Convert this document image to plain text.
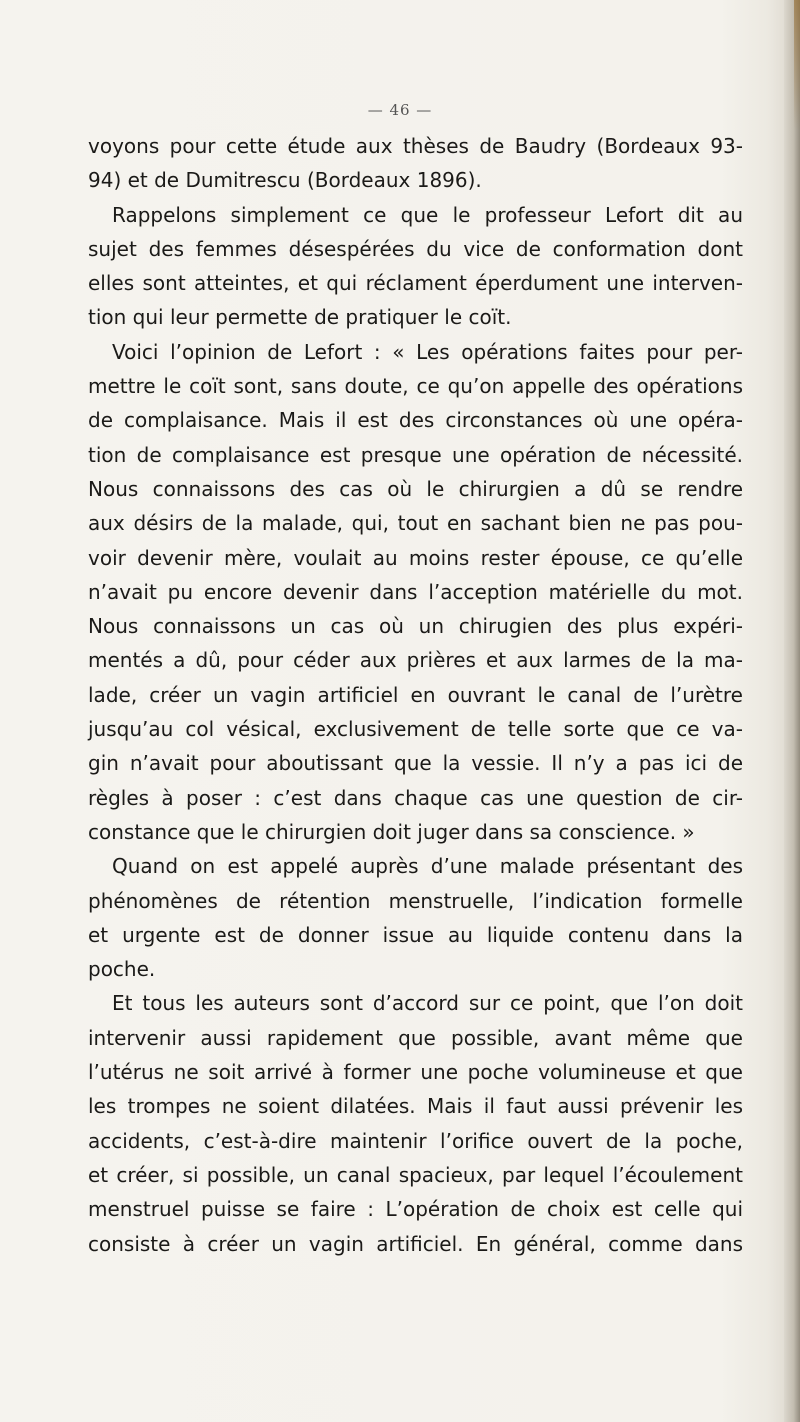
— 46 —
voyons pour cette étude aux thèses de Baudry (Bordeaux 93-
94) et de Dumitrescu (Bordeaux 1896).
Rappelons simplement ce que le professeur Lefort dit au
sujet des femmes désespérées du vice de conformation dont
elles sont atteintes, et qui réclament éperdument une interven-
tion qui leur permette de pratiquer le coït.
Voici l’opinion de Lefort : « Les opérations faites pour per-
mettre le coït sont, sans doute, ce qu’on appelle des opérations
de complaisance. Mais il est des circonstances où une opéra-
tion de complaisance est presque une opération de nécessité.
Nous connaissons des cas où le chirurgien a dû se rendre
aux désirs de la malade, qui, tout en sachant bien ne pas pou-
voir devenir mère, voulait au moins rester épouse, ce qu’elle
n’avait pu encore devenir dans l’acception matérielle du mot.
Nous connaissons un cas où un chirugien des plus expéri-
mentés a dû, pour céder aux prières et aux larmes de la ma-
lade, créer un vagin artificiel en ouvrant le canal de l’urètre
jusqu’au col vésical, exclusivement de telle sorte que ce va-
gin n’avait pour aboutissant que la vessie. Il n’y a pas ici de
règles à poser : c’est dans chaque cas une question de cir-
constance que le chirurgien doit juger dans sa conscience. »
Quand on est appelé auprès d’une malade présentant des
phénomènes de rétention menstruelle, l’indication formelle
et urgente est de donner issue au liquide contenu dans la
poche.
Et tous les auteurs sont d’accord sur ce point, que l’on doit
intervenir aussi rapidement que possible, avant même que
l’utérus ne soit arrivé à former une poche volumineuse et que
les trompes ne soient dilatées. Mais il faut aussi prévenir les
accidents, c’est-à-dire maintenir l’orifice ouvert de la poche,
et créer, si possible, un canal spacieux, par lequel l’écoulement
menstruel puisse se faire : L’opération de choix est celle qui
consiste à créer un vagin artificiel. En général, comme dans
